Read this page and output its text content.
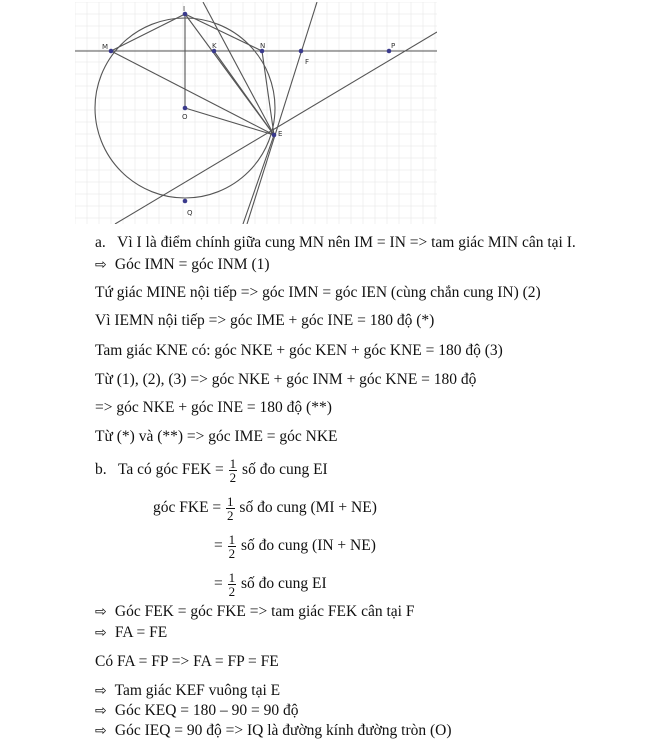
I
K	N
M	P
F
O
E
Q
a. Vì I là điểm chính giữa cung MN nên IM = IN => tam giác MIN cân tại I.
⇨ Góc IMN = góc INM (1)
Tứ giác MINE nội tiếp => góc IMN = góc IEN (cùng chắn cung IN) (2)
Vì IEMN nội tiếp => góc IME + góc INE = 180 độ (*)
Tam giác KNE có: góc NKE + góc KEN + góc KNE = 180 độ (3)
Từ (1), (2), (3) => góc NKE + góc INM + góc KNE = 180 độ
=> góc NKE + góc INE = 180 độ (**)
Từ (*) và (**) => góc IME = góc NKE
b. Ta có góc FEK = $\frac{1}{2}$ số đo cung EI
góc FKE = $\frac{1}{2}$ số đo cung (MI + NE)
= $\frac{1}{2}$ số đo cung (IN + NE)
= $\frac{1}{2}$ số đo cung EI
⇨ Góc FEK = góc FKE => tam giác FEK cân tại F
⇨ FA = FE
Có FA = FP => FA = FP = FE
⇨ Tam giác KEF vuông tại E
⇨ Góc KEQ = 180 – 90 = 90 độ
⇨ Góc IEQ = 90 độ => IQ là đường kính đường tròn (O)
